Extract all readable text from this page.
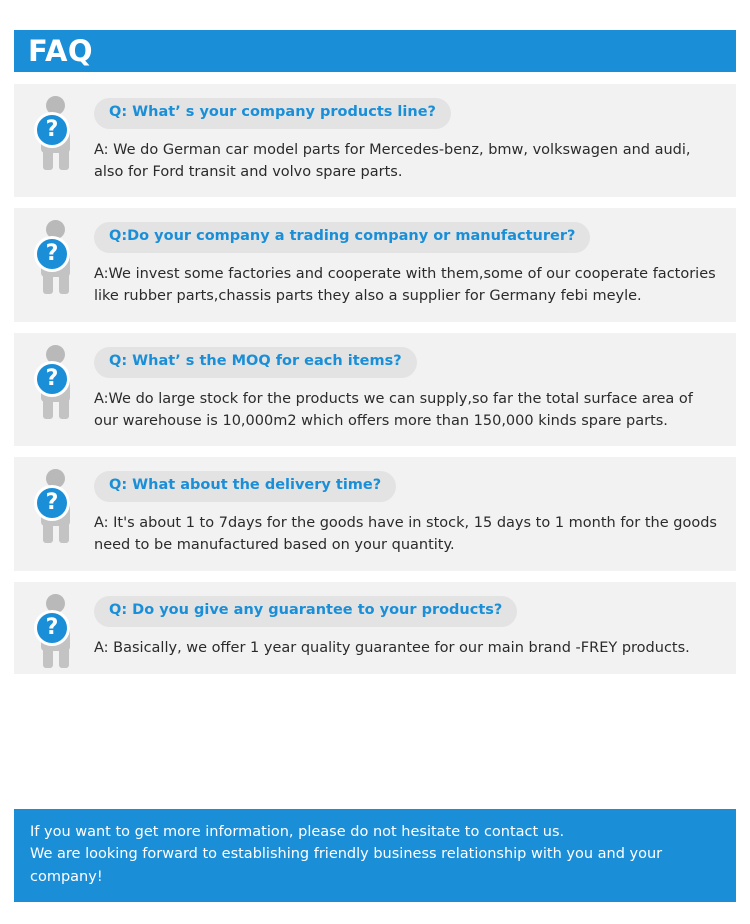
FAQ
?
Q: What’ s your company products line?
A: We do German car model parts for Mercedes-benz, bmw, volkswagen and audi, also for Ford transit and volvo spare parts.
?
Q:Do your company a trading company or manufacturer?
A:We invest some factories and cooperate with them,some of our cooperate factories like rubber parts,chassis parts they also a supplier for Germany febi meyle.
?
Q: What’ s the MOQ for each items?
A:We do large stock for the products we can supply,so far the total surface area of our warehouse is 10,000m2 which offers more than 150,000 kinds spare parts.
?
Q: What about the delivery time?
A: It's about 1 to 7days for the goods have in stock, 15 days to 1 month for the goods need to be manufactured based on your quantity.
?
Q: Do you give any guarantee to your products?
A: Basically, we offer 1 year quality guarantee for our main brand -FREY products.
If you want to get more information, please do not hesitate to contact us.
We are looking forward to establishing friendly business relationship with you and your company!
